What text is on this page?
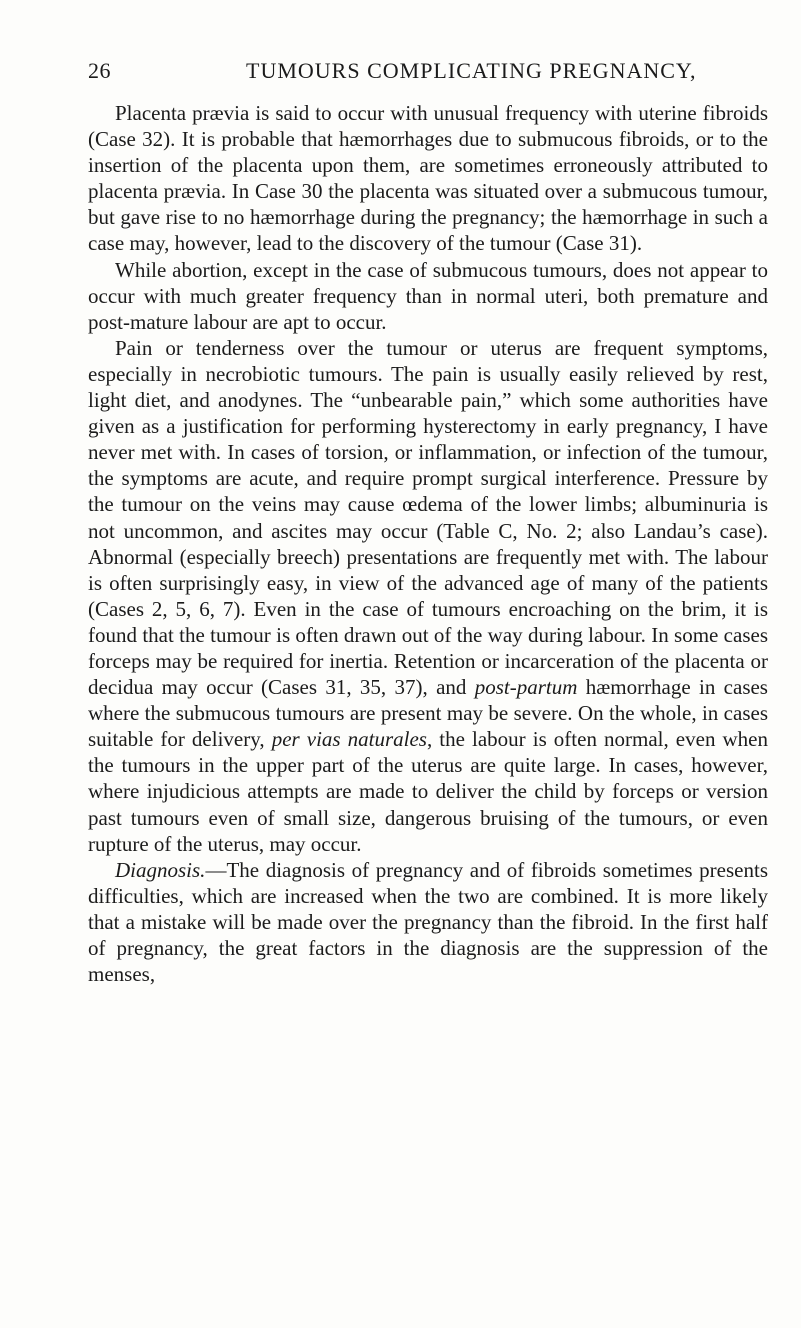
26	TUMOURS COMPLICATING PREGNANCY,

Placenta prævia is said to occur with unusual frequency with uterine fibroids (Case 32). It is probable that hæmorrhages due to submucous fibroids, or to the insertion of the placenta upon them, are sometimes erroneously attributed to placenta prævia. In Case 30 the placenta was situated over a submucous tumour, but gave rise to no hæmorrhage during the pregnancy; the hæmorrhage in such a case may, however, lead to the discovery of the tumour (Case 31).

While abortion, except in the case of submucous tumours, does not appear to occur with much greater frequency than in normal uteri, both premature and post-mature labour are apt to occur.

Pain or tenderness over the tumour or uterus are frequent symptoms, especially in necrobiotic tumours. The pain is usually easily relieved by rest, light diet, and anodynes. The “unbearable pain,” which some authorities have given as a justification for performing hysterectomy in early pregnancy, I have never met with. In cases of torsion, or inflammation, or infection of the tumour, the symptoms are acute, and require prompt surgical interference. Pressure by the tumour on the veins may cause œdema of the lower limbs; albuminuria is not uncommon, and ascites may occur (Table C, No. 2; also Landau’s case). Abnormal (especially breech) presentations are frequently met with. The labour is often surprisingly easy, in view of the advanced age of many of the patients (Cases 2, 5, 6, 7). Even in the case of tumours encroaching on the brim, it is found that the tumour is often drawn out of the way during labour. In some cases forceps may be required for inertia. Retention or incarceration of the placenta or decidua may occur (Cases 31, 35, 37), and post-partum hæmorrhage in cases where the submucous tumours are present may be severe. On the whole, in cases suitable for delivery, per vias naturales, the labour is often normal, even when the tumours in the upper part of the uterus are quite large. In cases, however, where injudicious attempts are made to deliver the child by forceps or version past tumours even of small size, dangerous bruising of the tumours, or even rupture of the uterus, may occur.

Diagnosis.—The diagnosis of pregnancy and of fibroids sometimes presents difficulties, which are increased when the two are combined. It is more likely that a mistake will be made over the pregnancy than the fibroid. In the first half of pregnancy, the great factors in the diagnosis are the suppression of the menses,
